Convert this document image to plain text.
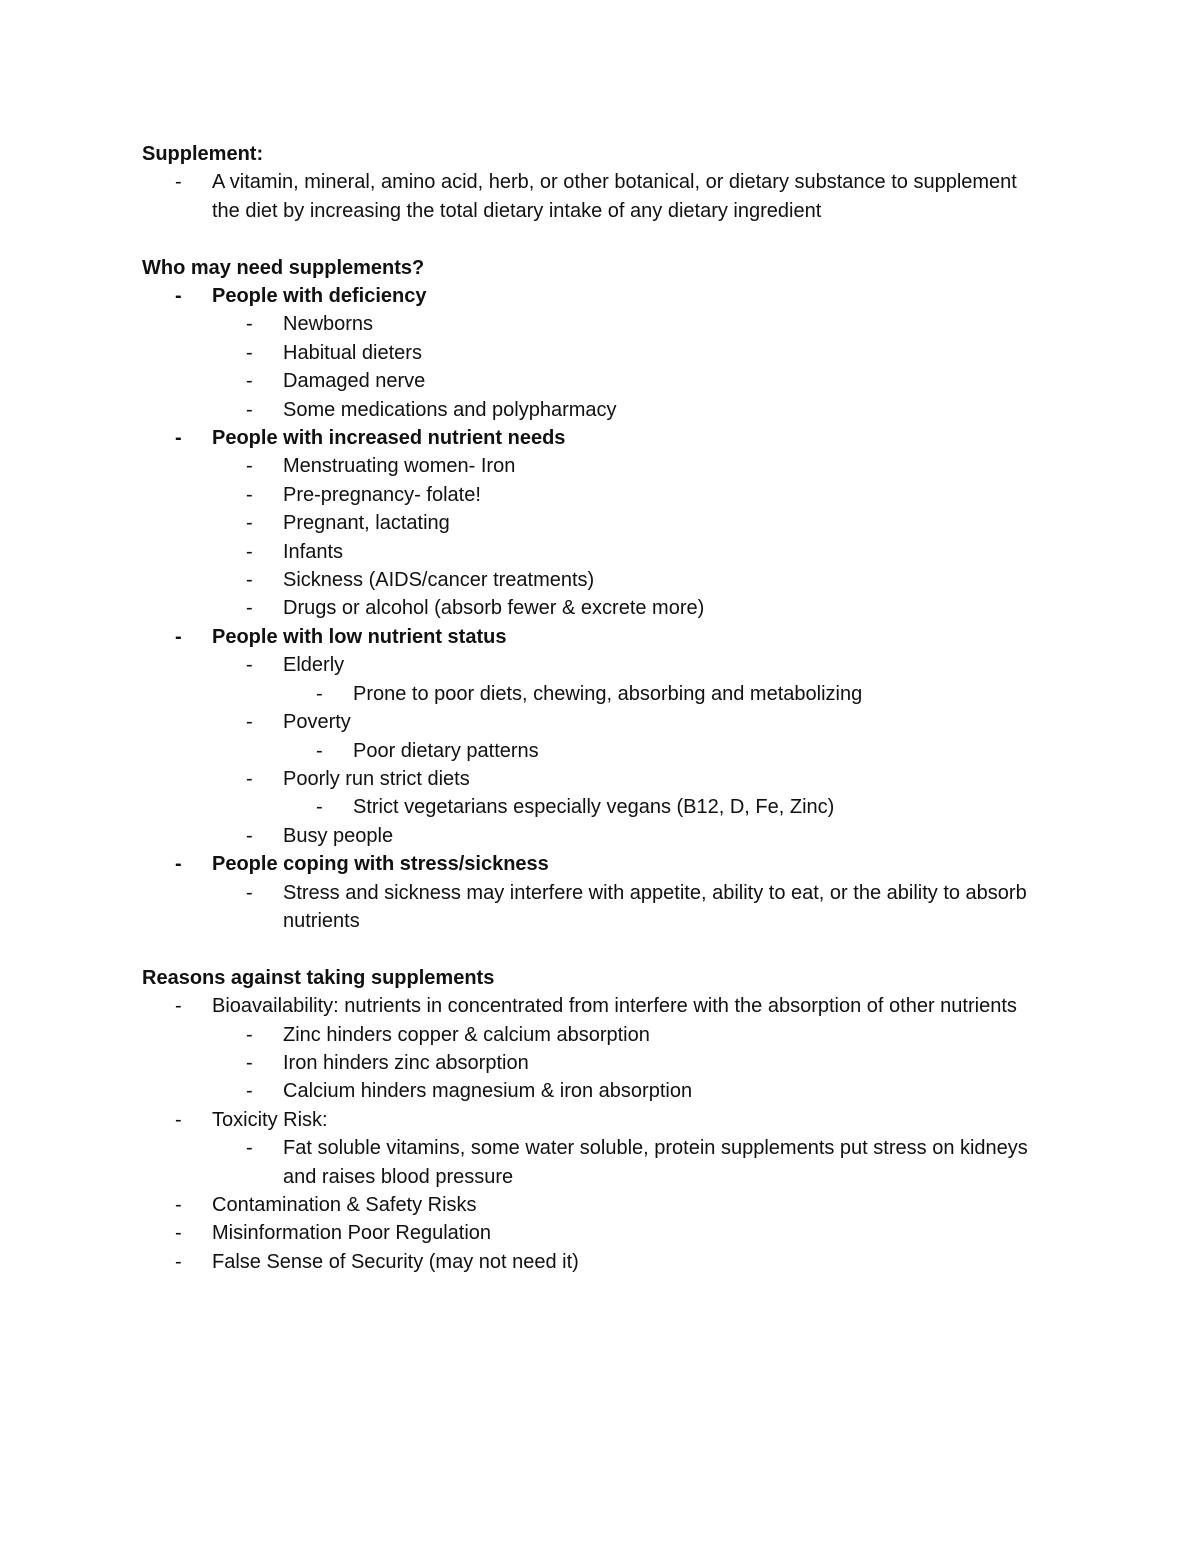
Supplement:

-	A vitamin, mineral, amino acid, herb, or other botanical, or dietary substance to supplement the diet by increasing the total dietary intake of any dietary ingredient

Who may need supplements?

-	People with deficiency
-	Newborns
-	Habitual dieters
-	Damaged nerve
-	Some medications and polypharmacy
-	People with increased nutrient needs
-	Menstruating women- Iron
-	Pre-pregnancy- folate!
-	Pregnant, lactating
-	Infants
-	Sickness (AIDS/cancer treatments)
-	Drugs or alcohol (absorb fewer & excrete more)
-	People with low nutrient status
-	Elderly
-	Prone to poor diets, chewing, absorbing and metabolizing
-	Poverty
-	Poor dietary patterns
-	Poorly run strict diets
-	Strict vegetarians especially vegans (B12, D, Fe, Zinc)
-	Busy people
-	People coping with stress/sickness
-	Stress and sickness may interfere with appetite, ability to eat, or the ability to absorb nutrients

Reasons against taking supplements

-	Bioavailability: nutrients in concentrated from interfere with the absorption of other nutrients
-	Zinc hinders copper & calcium absorption
-	Iron hinders zinc absorption
-	Calcium hinders magnesium & iron absorption
-	Toxicity Risk:
-	Fat soluble vitamins, some water soluble, protein supplements put stress on kidneys and raises blood pressure
-	Contamination & Safety Risks
-	Misinformation Poor Regulation
-	False Sense of Security (may not need it)
